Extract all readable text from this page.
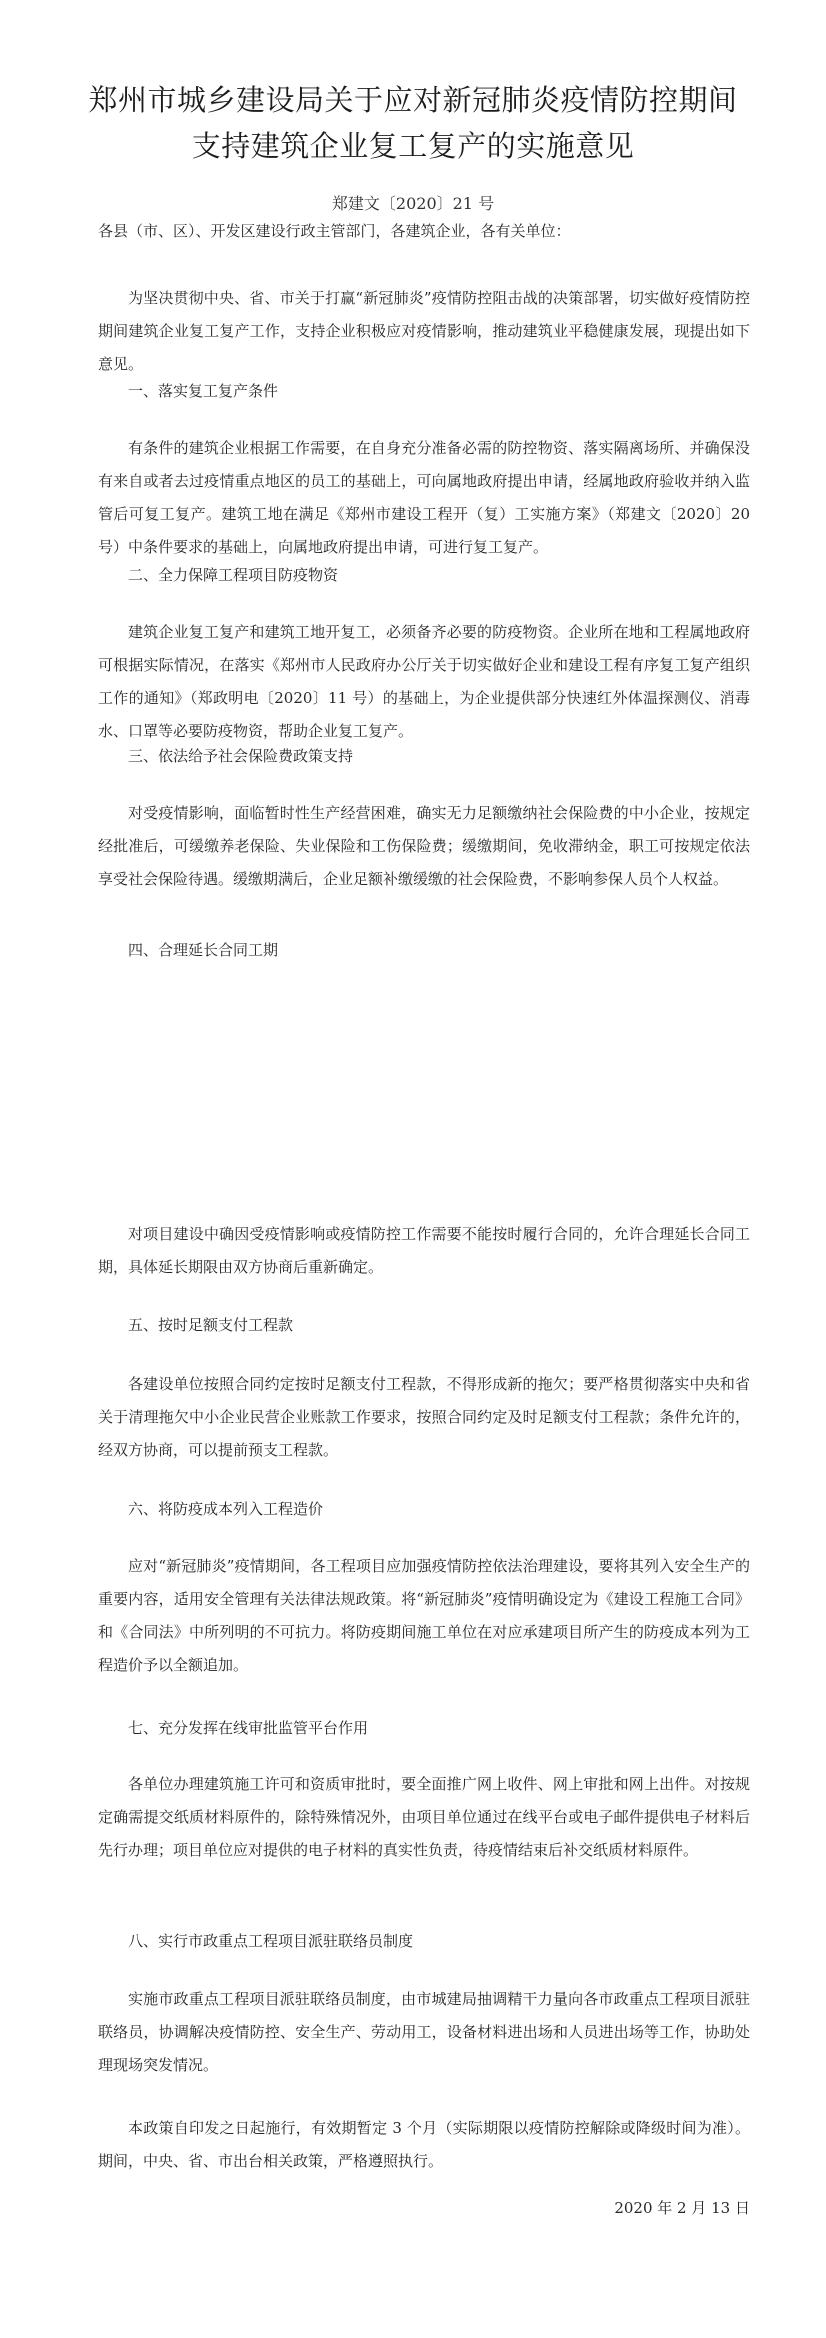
郑州市城乡建设局关于应对新冠肺炎疫情防控期间
支持建筑企业复工复产的实施意见
郑建文〔2020〕21 号

各县（市、区）、开发区建设行政主管部门，各建筑企业，各有关单位：

为坚决贯彻中央、省、市关于打赢“新冠肺炎”疫情防控阻击战的决策部署，切实做好疫情防控期间建筑企业复工复产工作，支持企业积极应对疫情影响，推动建筑业平稳健康发展，现提出如下意见。

一、落实复工复产条件

有条件的建筑企业根据工作需要，在自身充分准备必需的防控物资、落实隔离场所、并确保没有来自或者去过疫情重点地区的员工的基础上，可向属地政府提出申请，经属地政府验收并纳入监管后可复工复产。建筑工地在满足《郑州市建设工程开（复）工实施方案》（郑建文〔2020〕20 号）中条件要求的基础上，向属地政府提出申请，可进行复工复产。

二、全力保障工程项目防疫物资

建筑企业复工复产和建筑工地开复工，必须备齐必要的防疫物资。企业所在地和工程属地政府可根据实际情况，在落实《郑州市人民政府办公厅关于切实做好企业和建设工程有序复工复产组织工作的通知》（郑政明电〔2020〕11 号）的基础上，为企业提供部分快速红外体温探测仪、消毒水、口罩等必要防疫物资，帮助企业复工复产。

三、依法给予社会保险费政策支持

对受疫情影响，面临暂时性生产经营困难，确实无力足额缴纳社会保险费的中小企业，按规定经批准后，可缓缴养老保险、失业保险和工伤保险费；缓缴期间，免收滞纳金，职工可按规定依法享受社会保险待遇。缓缴期满后，企业足额补缴缓缴的社会保险费，不影响参保人员个人权益。

四、合理延长合同工期

对项目建设中确因受疫情影响或疫情防控工作需要不能按时履行合同的，允许合理延长合同工期，具体延长期限由双方协商后重新确定。

五、按时足额支付工程款

各建设单位按照合同约定按时足额支付工程款，不得形成新的拖欠；要严格贯彻落实中央和省关于清理拖欠中小企业民营企业账款工作要求，按照合同约定及时足额支付工程款；条件允许的，经双方协商，可以提前预支工程款。

六、将防疫成本列入工程造价

应对“新冠肺炎”疫情期间，各工程项目应加强疫情防控依法治理建设，要将其列入安全生产的重要内容，适用安全管理有关法律法规政策。将“新冠肺炎”疫情明确设定为《建设工程施工合同》和《合同法》中所列明的不可抗力。将防疫期间施工单位在对应承建项目所产生的防疫成本列为工程造价予以全额追加。

七、充分发挥在线审批监管平台作用

各单位办理建筑施工许可和资质审批时，要全面推广网上收件、网上审批和网上出件。对按规定确需提交纸质材料原件的，除特殊情况外，由项目单位通过在线平台或电子邮件提供电子材料后先行办理；项目单位应对提供的电子材料的真实性负责，待疫情结束后补交纸质材料原件。

八、实行市政重点工程项目派驻联络员制度

实施市政重点工程项目派驻联络员制度，由市城建局抽调精干力量向各市政重点工程项目派驻联络员，协调解决疫情防控、安全生产、劳动用工，设备材料进出场和人员进出场等工作，协助处理现场突发情况。

本政策自印发之日起施行，有效期暂定 3 个月（实际期限以疫情防控解除或降级时间为准）。期间，中央、省、市出台相关政策，严格遵照执行。

2020 年 2 月 13 日
